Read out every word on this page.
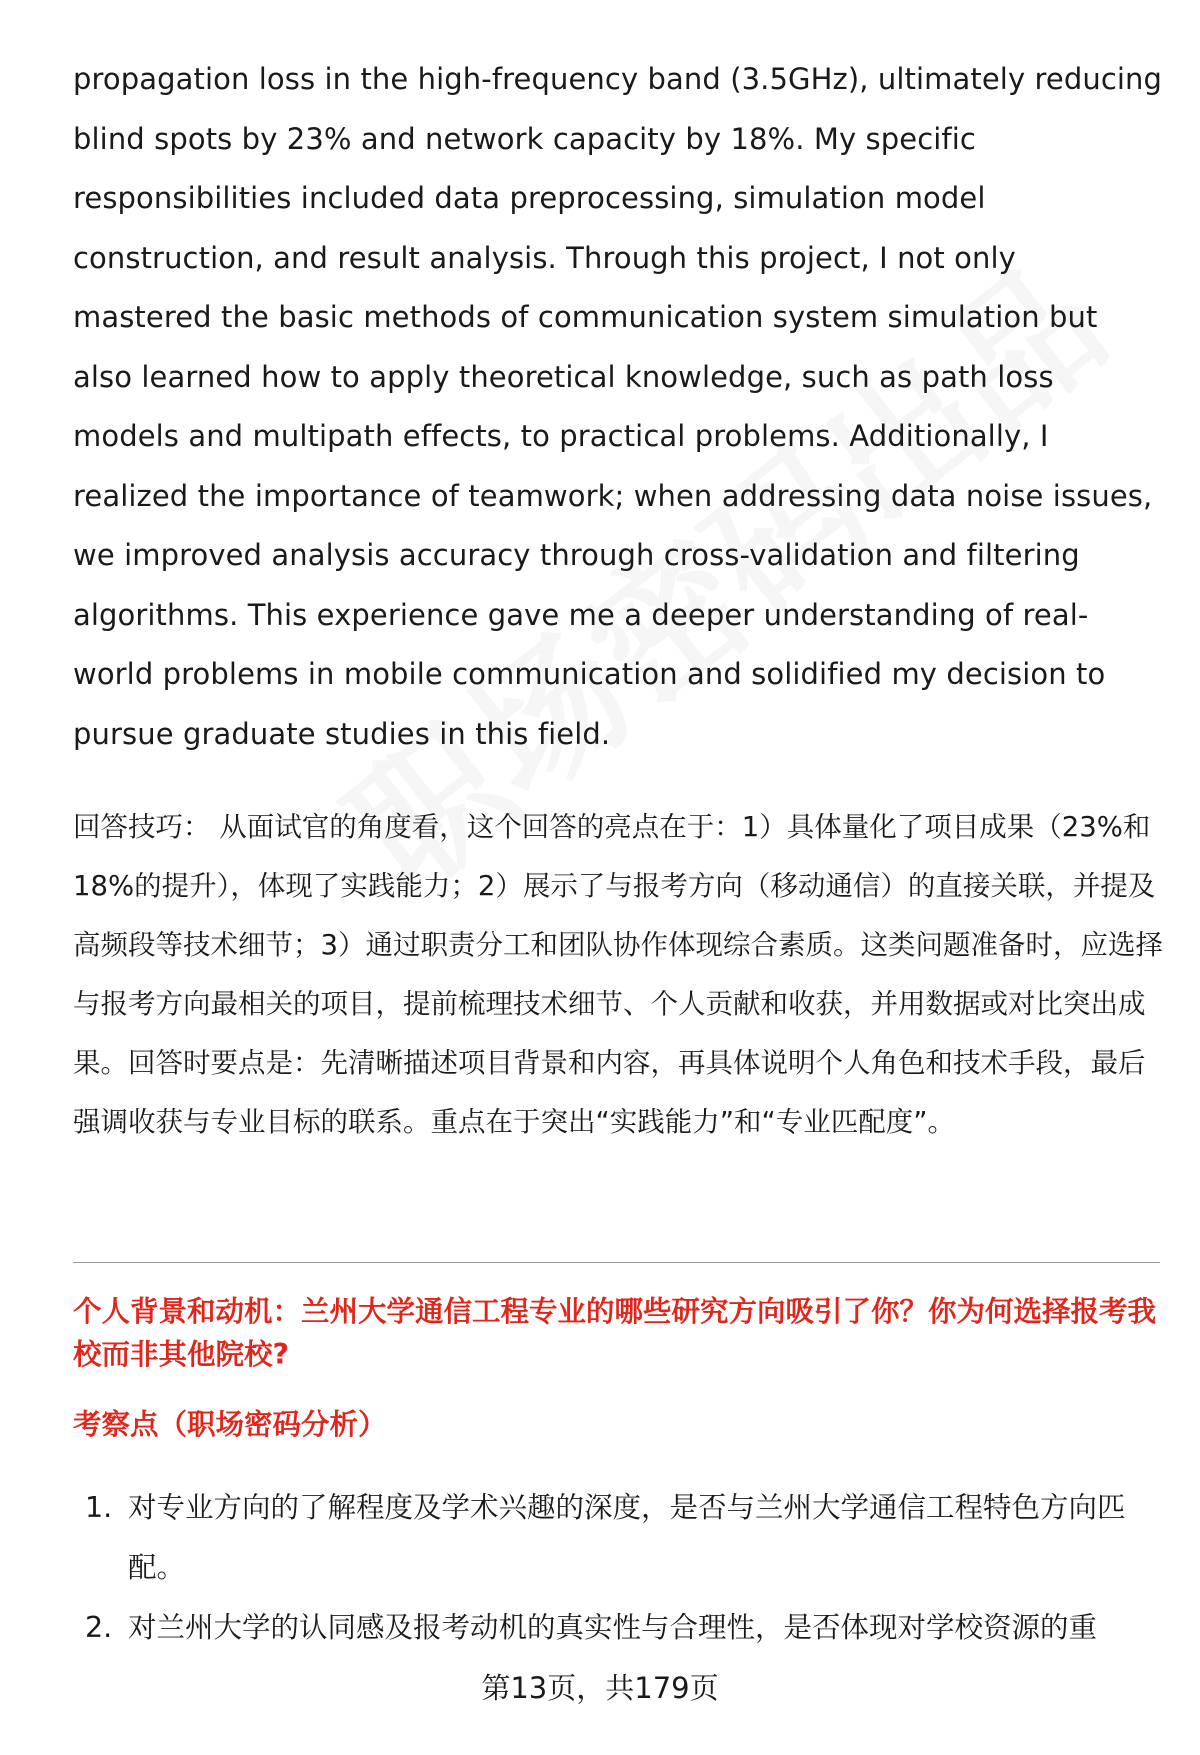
propagation loss in the high-frequency band (3.5GHz), ultimately reducing blind spots by 23% and network capacity by 18%. My specific responsibilities included data preprocessing, simulation model construction, and result analysis. Through this project, I not only mastered the basic methods of communication system simulation but also learned how to apply theoretical knowledge, such as path loss models and multipath effects, to practical problems. Additionally, I realized the importance of teamwork; when addressing data noise issues, we improved analysis accuracy through cross-validation and filtering algorithms. This experience gave me a deeper understanding of real-world problems in mobile communication and solidified my decision to pursue graduate studies in this field.

回答技巧： 从面试官的角度看，这个回答的亮点在于：1）具体量化了项目成果（23%和18%的提升），体现了实践能力；2）展示了与报考方向（移动通信）的直接关联，并提及高频段等技术细节；3）通过职责分工和团队协作体现综合素质。这类问题准备时，应选择与报考方向最相关的项目，提前梳理技术细节、个人贡献和收获，并用数据或对比突出成果。回答时要点是：先清晰描述项目背景和内容，再具体说明个人角色和技术手段，最后强调收获与专业目标的联系。重点在于突出“实践能力”和“专业匹配度”。

个人背景和动机：兰州大学通信工程专业的哪些研究方向吸引了你？你为何选择报考我校而非其他院校?

考察点（职场密码分析）

1. 对专业方向的了解程度及学术兴趣的深度，是否与兰州大学通信工程特色方向匹配。
2. 对兰州大学的认同感及报考动机的真实性与合理性，是否体现对学校资源的重
第13页，共179页
